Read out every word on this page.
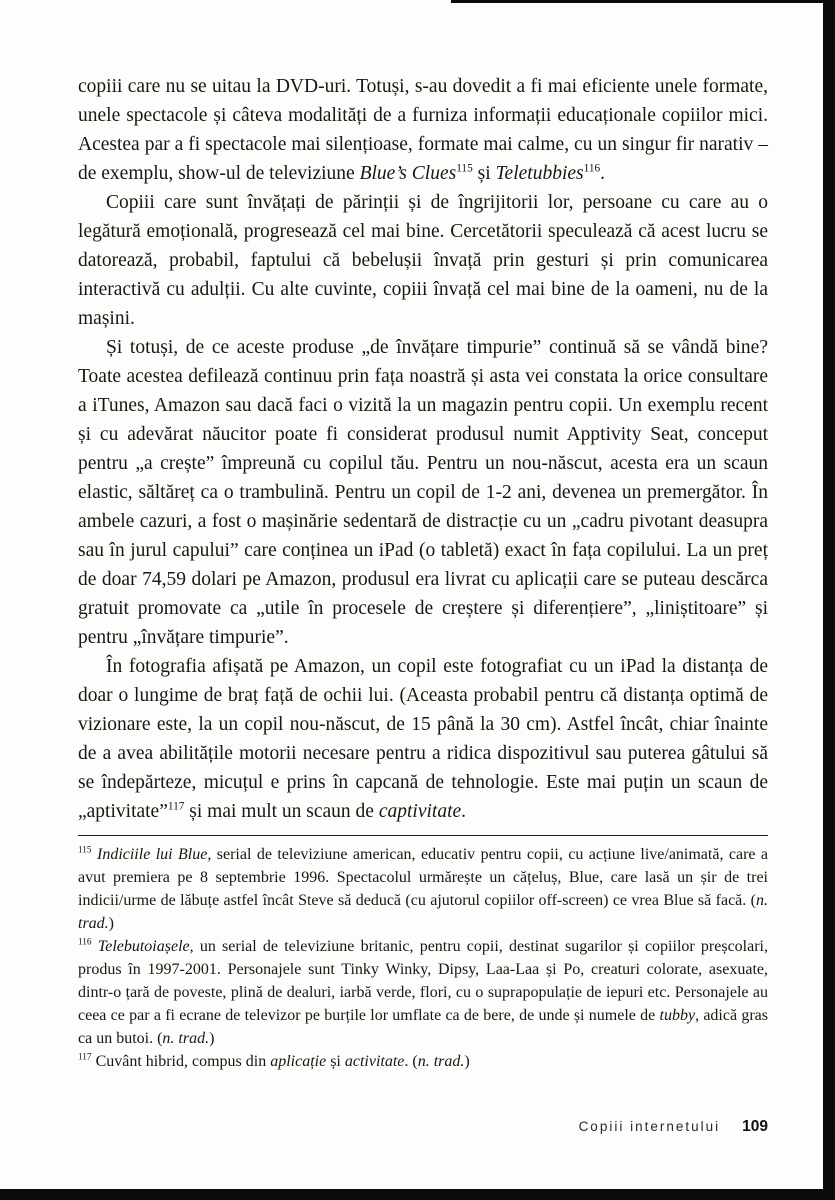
copiii care nu se uitau la DVD-uri. Totuși, s-au dovedit a fi mai eficiente unele formate, unele spectacole și câteva modalități de a furniza informații educaționale copiilor mici. Acestea par a fi spectacole mai silențioase, formate mai calme, cu un singur fir narativ – de exemplu, show-ul de televiziune Blue’s Clues$^{115}$ și Teletubbies$^{116}$.

Copiii care sunt învățați de părinții și de îngrijitorii lor, persoane cu care au o legătură emoțională, progresează cel mai bine. Cercetătorii speculează că acest lucru se datorează, probabil, faptului că bebelușii învață prin gesturi și prin comunicarea interactivă cu adulții. Cu alte cuvinte, copiii învață cel mai bine de la oameni, nu de la mașini.

Și totuși, de ce aceste produse „de învățare timpurie” continuă să se vândă bine? Toate acestea defilează continuu prin fața noastră și asta vei constata la orice consultare a iTunes, Amazon sau dacă faci o vizită la un magazin pentru copii. Un exemplu recent și cu adevărat năucitor poate fi considerat produsul numit Apptivity Seat, conceput pentru „a crește” împreună cu copilul tău. Pentru un nou-născut, acesta era un scaun elastic, săltăreț ca o trambulină. Pentru un copil de 1-2 ani, devenea un premergător. În ambele cazuri, a fost o mașinărie sedentară de distracție cu un „cadru pivotant deasupra sau în jurul capului” care conținea un iPad (o tabletă) exact în fața copilului. La un preț de doar 74,59 dolari pe Amazon, produsul era livrat cu aplicații care se puteau descărca gratuit promovate ca „utile în procesele de creștere și diferențiere”, „liniștitoare” și pentru „învățare timpurie”.

În fotografia afișată pe Amazon, un copil este fotografiat cu un iPad la distanța de doar o lungime de braț față de ochii lui. (Aceasta probabil pentru că distanța optimă de vizionare este, la un copil nou-născut, de 15 până la 30 cm). Astfel încât, chiar înainte de a avea abilitățile motorii necesare pentru a ridica dispozitivul sau puterea gâtului să se îndepărteze, micuțul e prins în capcană de tehnologie. Este mai puțin un scaun de „aptivitate”$^{117}$ și mai mult un scaun de captivitate.

$^{115}$ Indiciile lui Blue, serial de televiziune american, educativ pentru copii, cu acțiune live/animată, care a avut premiera pe 8 septembrie 1996. Spectacolul urmărește un cățeluș, Blue, care lasă un șir de trei indicii/urme de lăbuțe astfel încât Steve să deducă (cu ajutorul copiilor off-screen) ce vrea Blue să facă. (n. trad.)

$^{116}$ Telebutoiașele, un serial de televiziune britanic, pentru copii, destinat sugarilor și copiilor preșcolari, produs în 1997-2001. Personajele sunt Tinky Winky, Dipsy, Laa-Laa și Po, creaturi colorate, asexuate, dintr-o țară de poveste, plină de dealuri, iarbă verde, flori, cu o suprapopulație de iepuri etc. Personajele au ceea ce par a fi ecrane de televizor pe burțile lor umflate ca de bere, de unde și numele de tubby, adică gras ca un butoi. (n. trad.)

$^{117}$ Cuvânt hibrid, compus din aplicație și activitate. (n. trad.)

Copiii internetului 109
